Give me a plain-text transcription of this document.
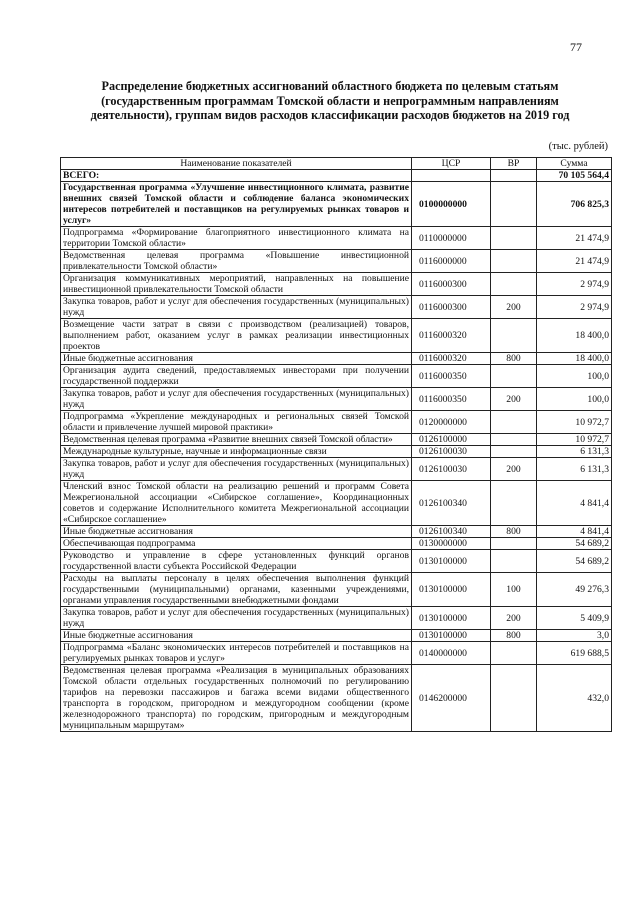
77
Распределение бюджетных ассигнований областного бюджета по целевым статьям (государственным программам Томской области и непрограммным направлениям деятельности), группам видов расходов классификации расходов бюджетов на 2019 год
(тыс. рублей)
Наименование показателей	ЦСР	ВР	Сумма
ВСЕГО:			70 105 564,4
Государственная программа «Улучшение инвестиционного климата, развитие внешних связей Томской области и соблюдение баланса экономических интересов потребителей и поставщиков на регулируемых рынках товаров и услуг»	0100000000		706 825,3
Подпрограмма «Формирование благоприятного инвестиционного климата на территории Томской области»	0110000000		21 474,9
Ведомственная целевая программа «Повышение инвестиционной привлекательности Томской области»	0116000000		21 474,9
Организация коммуникативных мероприятий, направленных на повышение инвестиционной привлекательности Томской области	0116000300		2 974,9
Закупка товаров, работ и услуг для обеспечения государственных (муниципальных) нужд	0116000300	200	2 974,9
Возмещение части затрат в связи с производством (реализацией) товаров, выполнением работ, оказанием услуг в рамках реализации инвестиционных проектов	0116000320		18 400,0
Иные бюджетные ассигнования	0116000320	800	18 400,0
Организация аудита сведений, предоставляемых инвесторами при получении государственной поддержки	0116000350		100,0
Закупка товаров, работ и услуг для обеспечения государственных (муниципальных) нужд	0116000350	200	100,0
Подпрограмма «Укрепление международных и региональных связей Томской области и привлечение лучшей мировой практики»	0120000000		10 972,7
Ведомственная целевая программа «Развитие внешних связей Томской области»	0126100000		10 972,7
Международные культурные, научные и информационные связи	0126100030		6 131,3
Закупка товаров, работ и услуг для обеспечения государственных (муниципальных) нужд	0126100030	200	6 131,3
Членский взнос Томской области на реализацию решений и программ Совета Межрегиональной ассоциации «Сибирское соглашение», Координационных советов и содержание Исполнительного комитета Межрегиональной ассоциации «Сибирское соглашение»	0126100340		4 841,4
Иные бюджетные ассигнования	0126100340	800	4 841,4
Обеспечивающая подпрограмма	0130000000		54 689,2
Руководство и управление в сфере установленных функций органов государственной власти субъекта Российской Федерации	0130100000		54 689,2
Расходы на выплаты персоналу в целях обеспечения выполнения функций государственными (муниципальными) органами, казенными учреждениями, органами управления государственными внебюджетными фондами	0130100000	100	49 276,3
Закупка товаров, работ и услуг для обеспечения государственных (муниципальных) нужд	0130100000	200	5 409,9
Иные бюджетные ассигнования	0130100000	800	3,0
Подпрограмма «Баланс экономических интересов потребителей и поставщиков на регулируемых рынках товаров и услуг»	0140000000		619 688,5
Ведомственная целевая программа «Реализация в муниципальных образованиях Томской области отдельных государственных полномочий по регулированию тарифов на перевозки пассажиров и багажа всеми видами общественного транспорта в городском, пригородном и междугородном сообщении (кроме железнодорожного транспорта) по городским, пригородным и междугородным муниципальным маршрутам»	0146200000		432,0
